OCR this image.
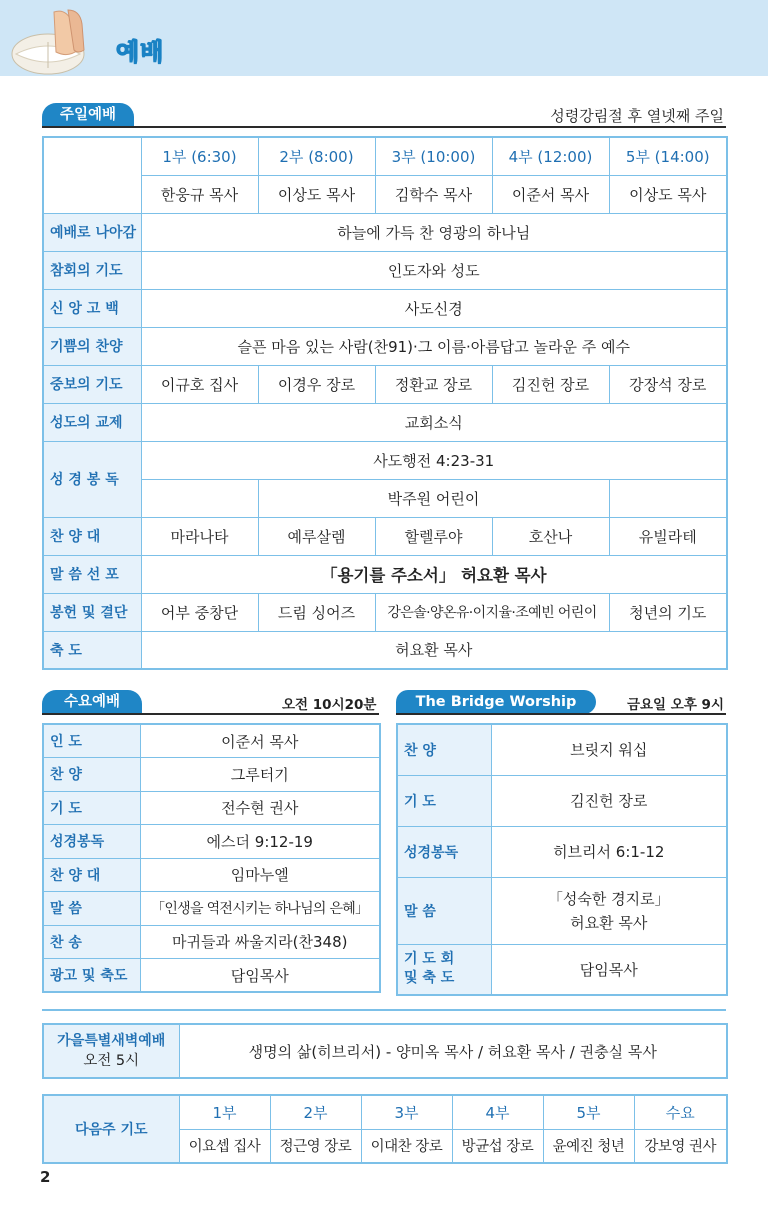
예배
주일예배	성령강림절 후 열넷째 주일
	1부 (6:30)	2부 (8:00)	3부 (10:00)	4부 (12:00)	5부 (14:00)
	한웅규 목사	이상도 목사	김학수 목사	이준서 목사	이상도 목사
예배로 나아감	하늘에 가득 찬 영광의 하나님				
참회의 기도	인도자와 성도				
신 앙 고 백	사도신경				
기쁨의 찬양	슬픈 마음 있는 사람(찬91)·그 이름·아름답고 놀라운 주 예수				
중보의 기도	이규호 집사	이경우 장로	정환교 장로	김진헌 장로	강장석 장로
성도의 교제	교회소식				
성 경 봉 독	사도행전 4:23-31				
		박주원 어린이			
찬 양 대	마라나타	예루살렘	할렐루야	호산나	유빌라테
말 씀 선 포	「용기를 주소서」 허요환 목사				
봉헌 및 결단	어부 중창단	드림 싱어즈	강은솔·양온유·이지율·조예빈 어린이		청년의 기도
축 도	허요환 목사				
수요예배	오전 10시20분
인 도	이준서 목사
찬 양	그루터기
기 도	전수현 권사
성경봉독	에스더 9:12-19
찬 양 대	임마누엘
말 씀	「인생을 역전시키는 하나님의 은혜」
찬 송	마귀들과 싸울지라(찬348)
광고 및 축도	담임목사
The Bridge Worship	금요일 오후 9시
찬 양	브릿지 워십
기 도	김진헌 장로
성경봉독	히브리서 6:1-12
말 씀	「성숙한 경지로」
허요환 목사

기 도 회
및 축 도	담임목사
가을특별새벽예배
오전 5시
	생명의 삶(히브리서) - 양미옥 목사 / 허요환 목사 / 권충실 목사
다음주 기도	1부	2부	3부	4부	5부	수요
	이요셉 집사	정근영 장로	이대찬 장로	방균섭 장로	윤예진 청년	강보영 권사
2
